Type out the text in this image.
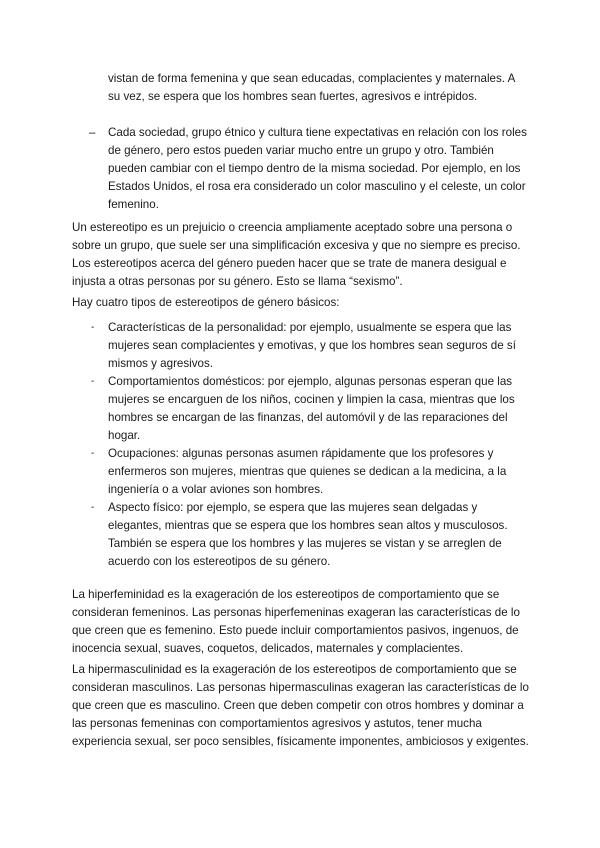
vistan de forma femenina y que sean educadas, complacientes y maternales. A su vez, se espera que los hombres sean fuertes, agresivos e intrépidos.

–	Cada sociedad, grupo étnico y cultura tiene expectativas en relación con los roles de género, pero estos pueden variar mucho entre un grupo y otro. También pueden cambiar con el tiempo dentro de la misma sociedad. Por ejemplo, en los Estados Unidos, el rosa era considerado un color masculino y el celeste, un color femenino.

Un estereotipo es un prejuicio o creencia ampliamente aceptado sobre una persona o sobre un grupo, que suele ser una simplificación excesiva y que no siempre es preciso. Los estereotipos acerca del género pueden hacer que se trate de manera desigual e injusta a otras personas por su género. Esto se llama “sexismo”.

Hay cuatro tipos de estereotipos de género básicos:

-	Características de la personalidad: por ejemplo, usualmente se espera que las mujeres sean complacientes y emotivas, y que los hombres sean seguros de sí mismos y agresivos.
-	Comportamientos domésticos: por ejemplo, algunas personas esperan que las mujeres se encarguen de los niños, cocinen y limpien la casa, mientras que los hombres se encargan de las finanzas, del automóvil y de las reparaciones del hogar.
-	Ocupaciones: algunas personas asumen rápidamente que los profesores y enfermeros son mujeres, mientras que quienes se dedican a la medicina, a la ingeniería o a volar aviones son hombres.
-	Aspecto físico: por ejemplo, se espera que las mujeres sean delgadas y elegantes, mientras que se espera que los hombres sean altos y musculosos. También se espera que los hombres y las mujeres se vistan y se arreglen de acuerdo con los estereotipos de su género.

La hiperfeminidad es la exageración de los estereotipos de comportamiento que se consideran femeninos. Las personas hiperfemeninas exageran las características de lo que creen que es femenino. Esto puede incluir comportamientos pasivos, ingenuos, de inocencia sexual, suaves, coquetos, delicados, maternales y complacientes.

La hipermasculinidad es la exageración de los estereotipos de comportamiento que se consideran masculinos. Las personas hipermasculinas exageran las características de lo que creen que es masculino. Creen que deben competir con otros hombres y dominar a las personas femeninas con comportamientos agresivos y astutos, tener mucha experiencia sexual, ser poco sensibles, físicamente imponentes, ambiciosos y exigentes.
